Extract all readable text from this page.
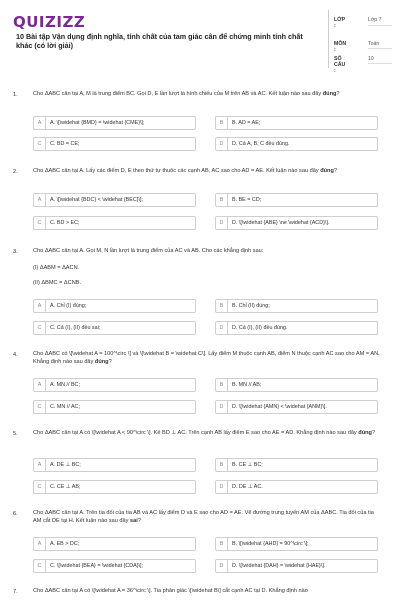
QUIZIZZ
10 Bài tập Vận dụng định nghĩa, tính chất của tam giác cân để chứng minh tính chất khác (có lời giải)
LỚP :
Lớp 7
MÔN :
Toán
SỐ CÂU :
10
1.	Cho ΔABC cân tại A, M là trung điểm BC. Gọi D, E lần lượt là hình chiếu của M trên AB và AC. Kết luận nào sau đây đúng?
A	A. \[\widehat {BMD} = \widehat {CME}\];	B	B. AD = AE;
C	C. BD = CE;	D	D. Cả A, B, C đều đúng.
2.	Cho ΔABC cân tại A. Lấy các điểm D, E theo thứ tự thuộc các cạnh AB, AC sao cho AD = AE. Kết luận nào sau đây đúng?
A	A. \[\widehat {BDC} < \widehat {BEC}\];	B	B. BE = CD;
C	C. BD > EC;	D	D. \[\widehat {ABE} \ne \widehat {ACD}\].
3.	Cho ΔABC cân tại A. Gọi M, N lần lượt là trung điểm của AC và AB. Cho các khẳng định sau:
(I) ΔABM = ΔACN.
(II) ΔBMC = ΔCNB.
A	A. Chỉ (I) đúng;	B	B. Chỉ (II) đúng;
C	C. Cả (I), (II) đều sai;	D	D. Cả (I), (II) đều đúng.
4.	Cho ΔABC có \[\widehat A = 100^\circ \] và \[\widehat B = \widehat C\]. Lấy điểm M thuộc cạnh AB, điểm N thuộc cạnh AC sao cho AM = AN. Khẳng định nào sau đây đúng?
A	A. MN // BC;	B	B. MN // AB;
C	C. MN // AC;	D	D. \[\widehat {AMN} < \widehat {ANM}\].
5.	Cho ΔABC cân tại A có \[\widehat A < 90^\circ \]. Kẻ BD ⊥ AC. Trên cạnh AB lấy điểm E sao cho AE = AD. Khẳng định nào sau đây đúng?
A	A. DE ⊥ BC;	B	B. CE ⊥ BC;
C	C. CE ⊥ AB;	D	D. DE ⊥ AC.
6.	Cho ΔABC cân tại A. Trên tia đối của tia AB và AC lấy điểm D và E sao cho AD = AE. Vẽ đường trung tuyến AM của ΔABC. Tia đối của tia AM cắt DE tại H. Kết luận nào sau đây sai?
A	A. EB > DC;	B	B. \[\widehat {AHD} = 90^\circ \];
C	C. \[\widehat {BEA} = \widehat {CDA}\];	D	D. \[\widehat {DAH} = \widehat {HAE}\].
7.	Cho ΔABC cân tại A có \[\widehat A = 36^\circ \]. Tia phân giác \[\widehat B\] cắt cạnh AC tại D. Khẳng định nào
